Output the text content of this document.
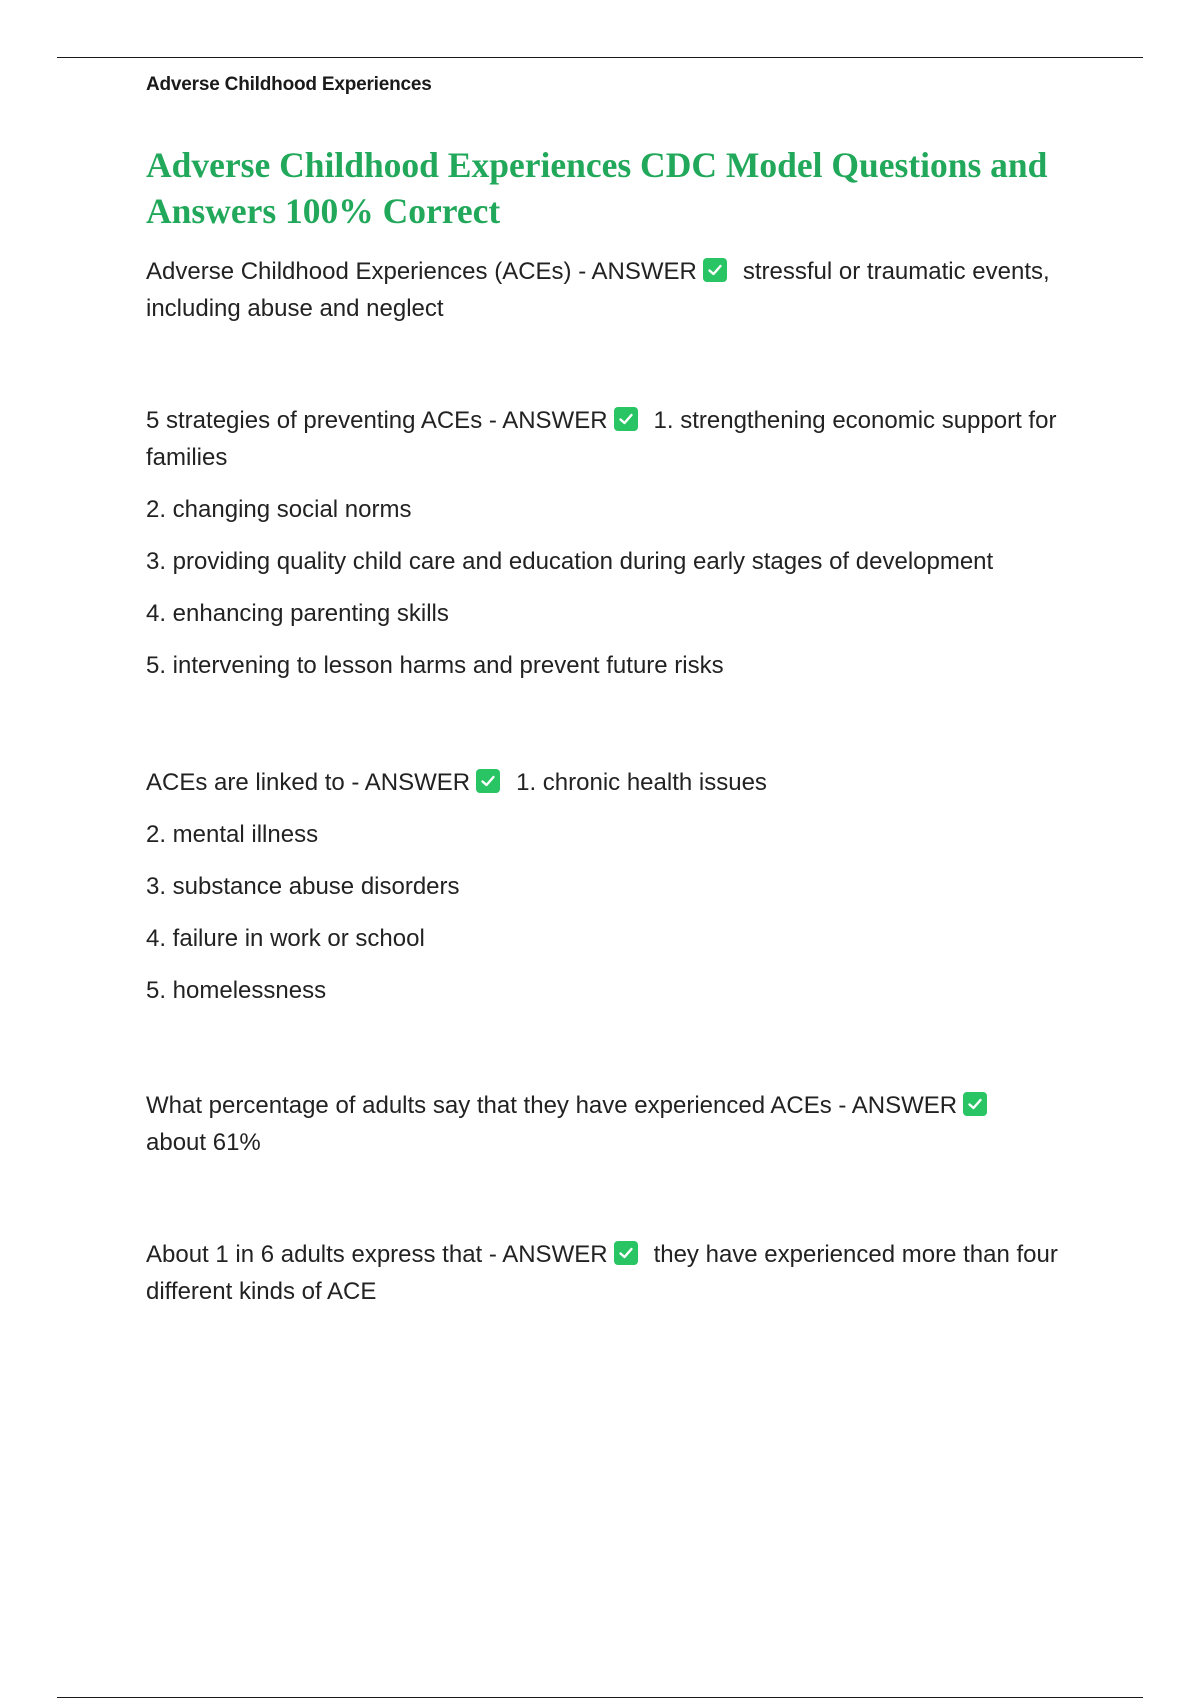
Adverse Childhood Experiences
Adverse Childhood Experiences CDC Model Questions and Answers 100% Correct

Adverse Childhood Experiences (ACEs) - ANSWER stressful or traumatic events, including abuse and neglect

5 strategies of preventing ACEs - ANSWER 1. strengthening economic support for families

2. changing social norms

3. providing quality child care and education during early stages of development

4. enhancing parenting skills

5. intervening to lesson harms and prevent future risks

ACEs are linked to - ANSWER 1. chronic health issues

2. mental illness

3. substance abuse disorders

4. failure in work or school

5. homelessness

What percentage of adults say that they have experienced ACEs - ANSWER

about 61%

About 1 in 6 adults express that - ANSWER they have experienced more than four different kinds of ACE
